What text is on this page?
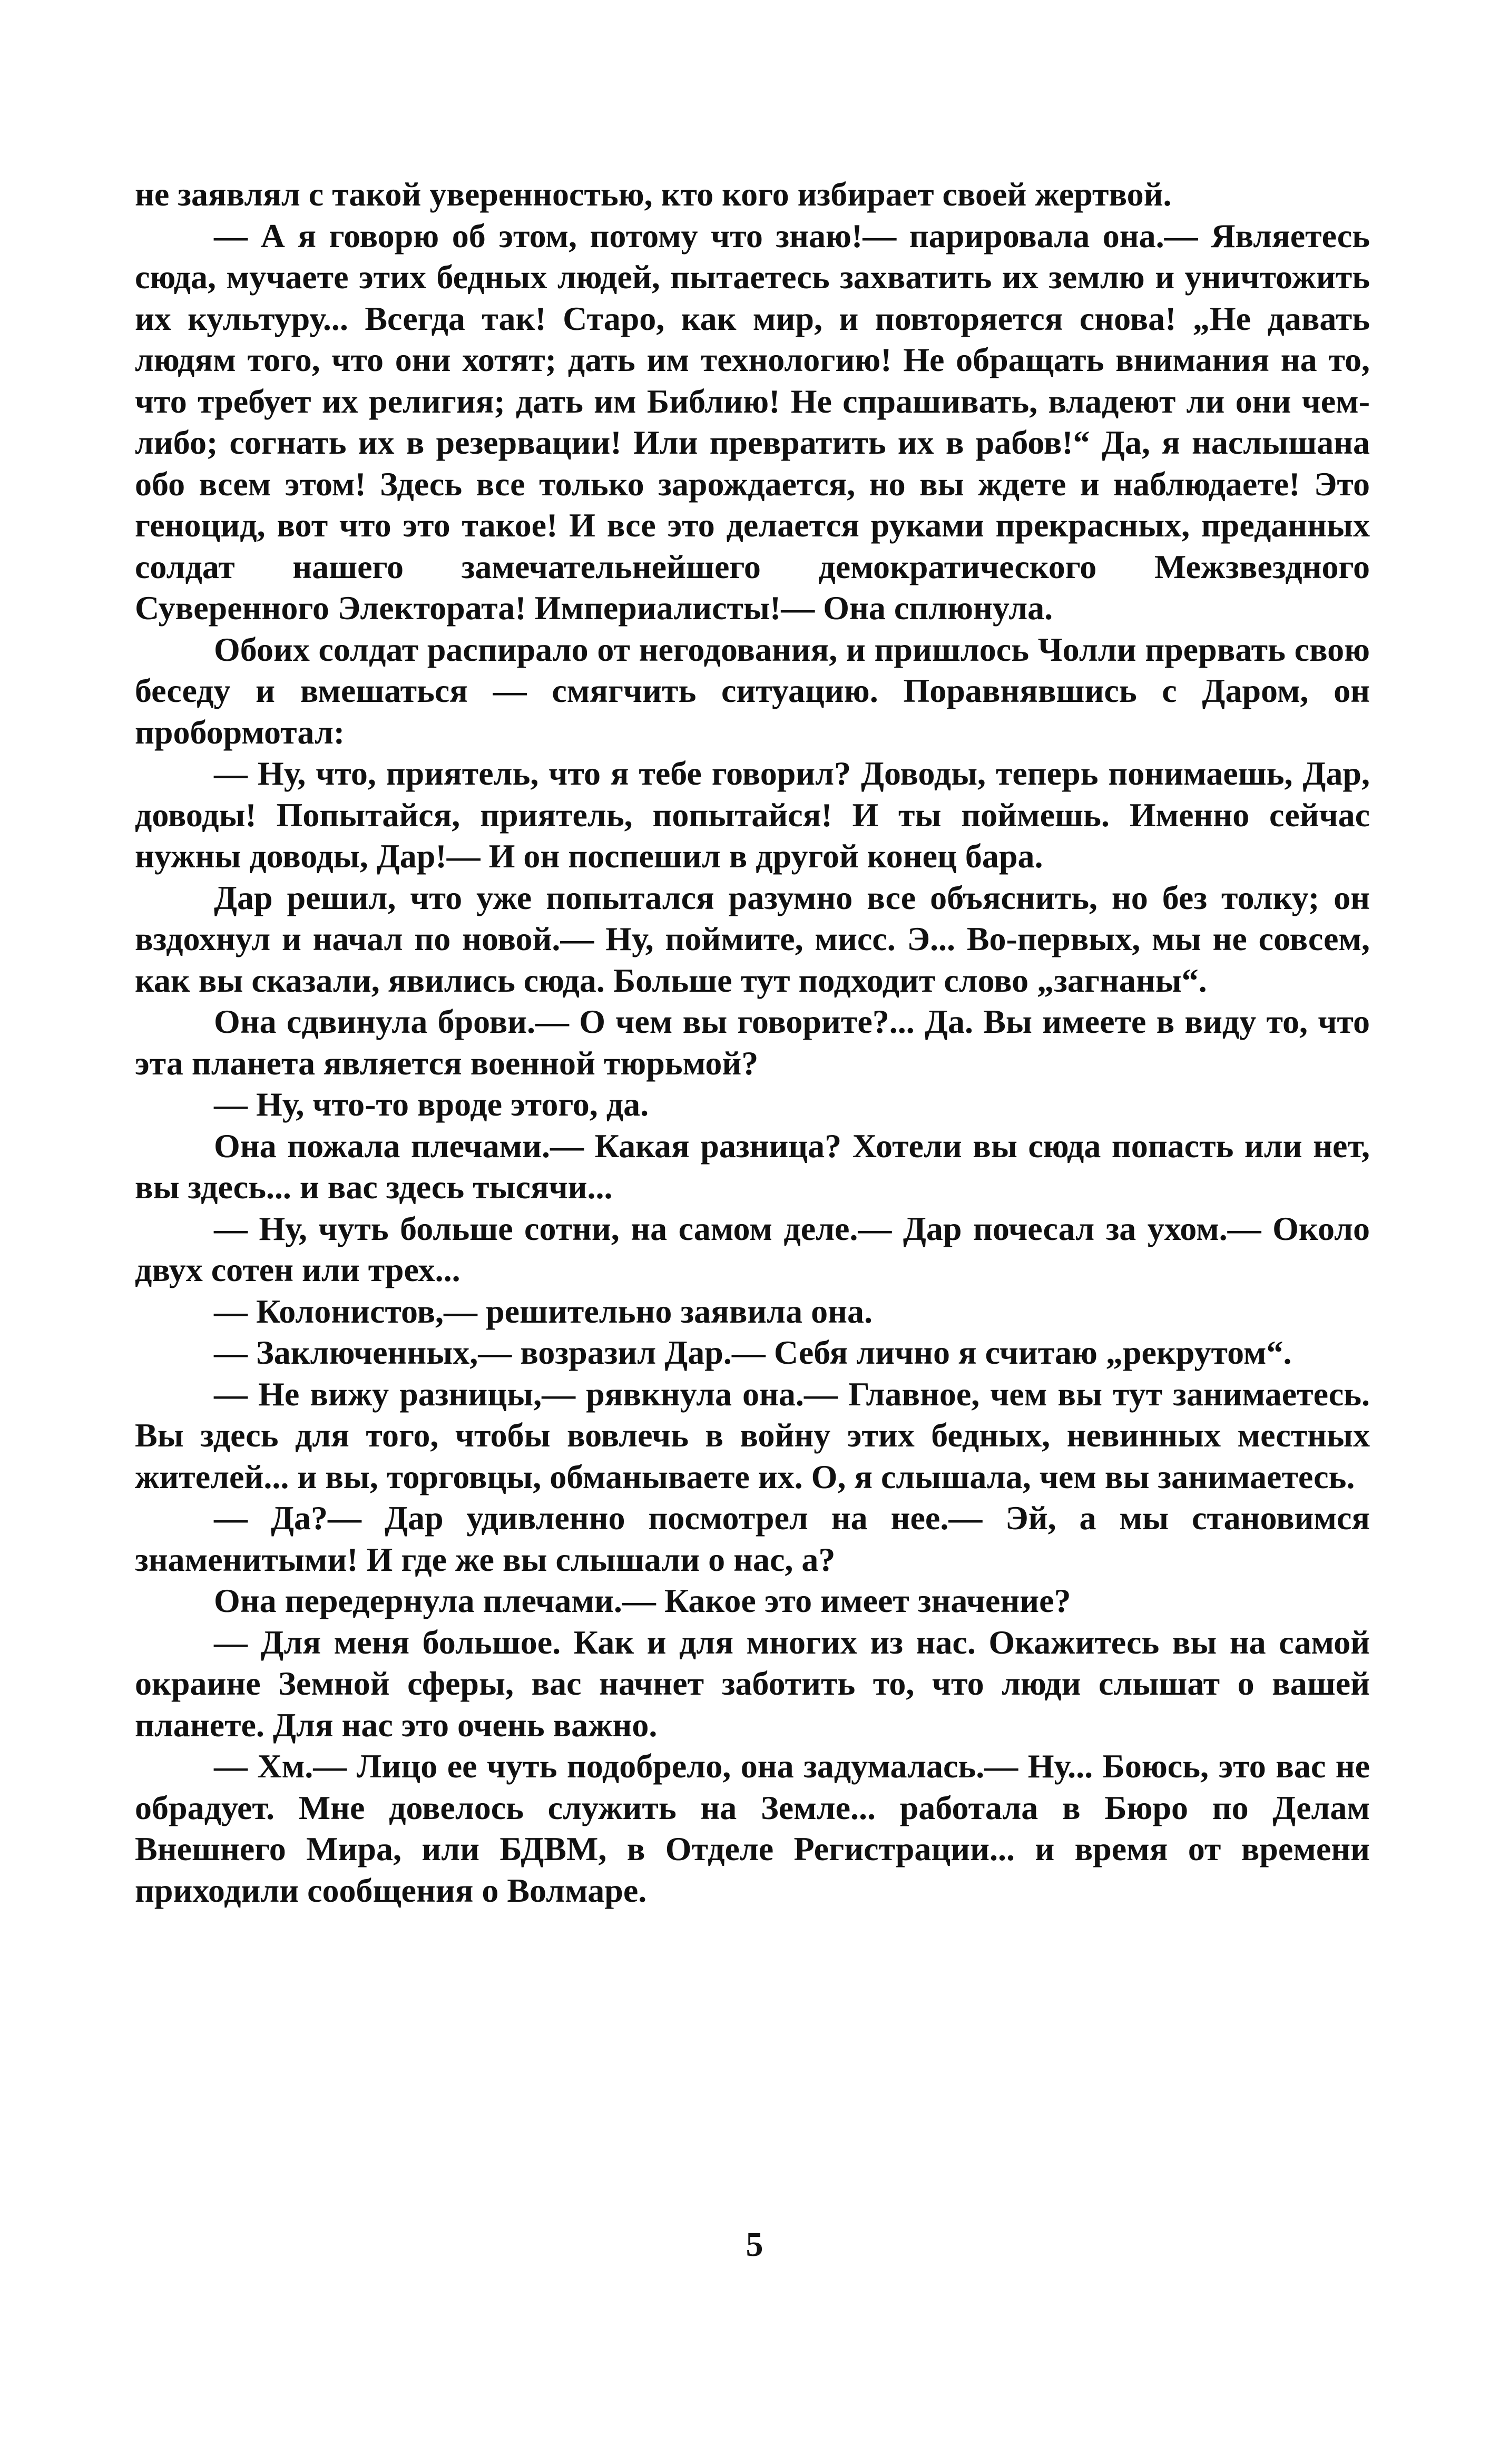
не заявлял с такой уверенностью, кто кого избирает своей жертвой.

— А я говорю об этом, потому что знаю!— парировала она.— Являетесь сюда, мучаете этих бедных людей, пытаетесь захватить их землю и уничтожить их культуру... Всегда так! Старо, как мир, и повторяется снова! „Не давать людям того, что они хотят; дать им технологию! Не обращать внимания на то, что требует их религия; дать им Библию! Не спрашивать, владеют ли они чем-либо; согнать их в резервации! Или превратить их в рабов!“ Да, я наслышана обо всем этом! Здесь все только зарождается, но вы ждете и наблюдаете! Это геноцид, вот что это такое! И все это делается руками прекрасных, преданных солдат нашего замечательнейшего демократического Межзвездного Суверенного Электората! Империалисты!— Она сплюнула.

Обоих солдат распирало от негодования, и пришлось Чолли прервать свою беседу и вмешаться — смягчить ситуацию. Поравнявшись с Даром, он пробормотал:

— Ну, что, приятель, что я тебе говорил? Доводы, теперь понимаешь, Дар, доводы! Попытайся, приятель, попытайся! И ты поймешь. Именно сейчас нужны доводы, Дар!— И он поспешил в другой конец бара.

Дар решил, что уже попытался разумно все объяснить, но без толку; он вздохнул и начал по новой.— Ну, поймите, мисс. Э... Во-первых, мы не совсем, как вы сказали, явились сюда. Больше тут подходит слово „загнаны“.

Она сдвинула брови.— О чем вы говорите?... Да. Вы имеете в виду то, что эта планета является военной тюрьмой?

— Ну, что-то вроде этого, да.

Она пожала плечами.— Какая разница? Хотели вы сюда попасть или нет, вы здесь... и вас здесь тысячи...

— Ну, чуть больше сотни, на самом деле.— Дар почесал за ухом.— Около двух сотен или трех...

— Колонистов,— решительно заявила она.

— Заключенных,— возразил Дар.— Себя лично я считаю „рекрутом“.

— Не вижу разницы,— рявкнула она.— Главное, чем вы тут занимаетесь. Вы здесь для того, чтобы вовлечь в войну этих бедных, невинных местных жителей... и вы, торговцы, обманываете их. О, я слышала, чем вы занимаетесь.

— Да?— Дар удивленно посмотрел на нее.— Эй, а мы становимся знаменитыми! И где же вы слышали о нас, а?

Она передернула плечами.— Какое это имеет значение?

— Для меня большое. Как и для многих из нас. Окажитесь вы на самой окраине Земной сферы, вас начнет заботить то, что люди слышат о вашей планете. Для нас это очень важно.

— Хм.— Лицо ее чуть подобрело, она задумалась.— Ну... Боюсь, это вас не обрадует. Мне довелось служить на Земле... работала в Бюро по Делам Внешнего Мира, или БДВМ, в Отделе Регистрации... и время от времени приходили сообщения о Волмаре.

5
